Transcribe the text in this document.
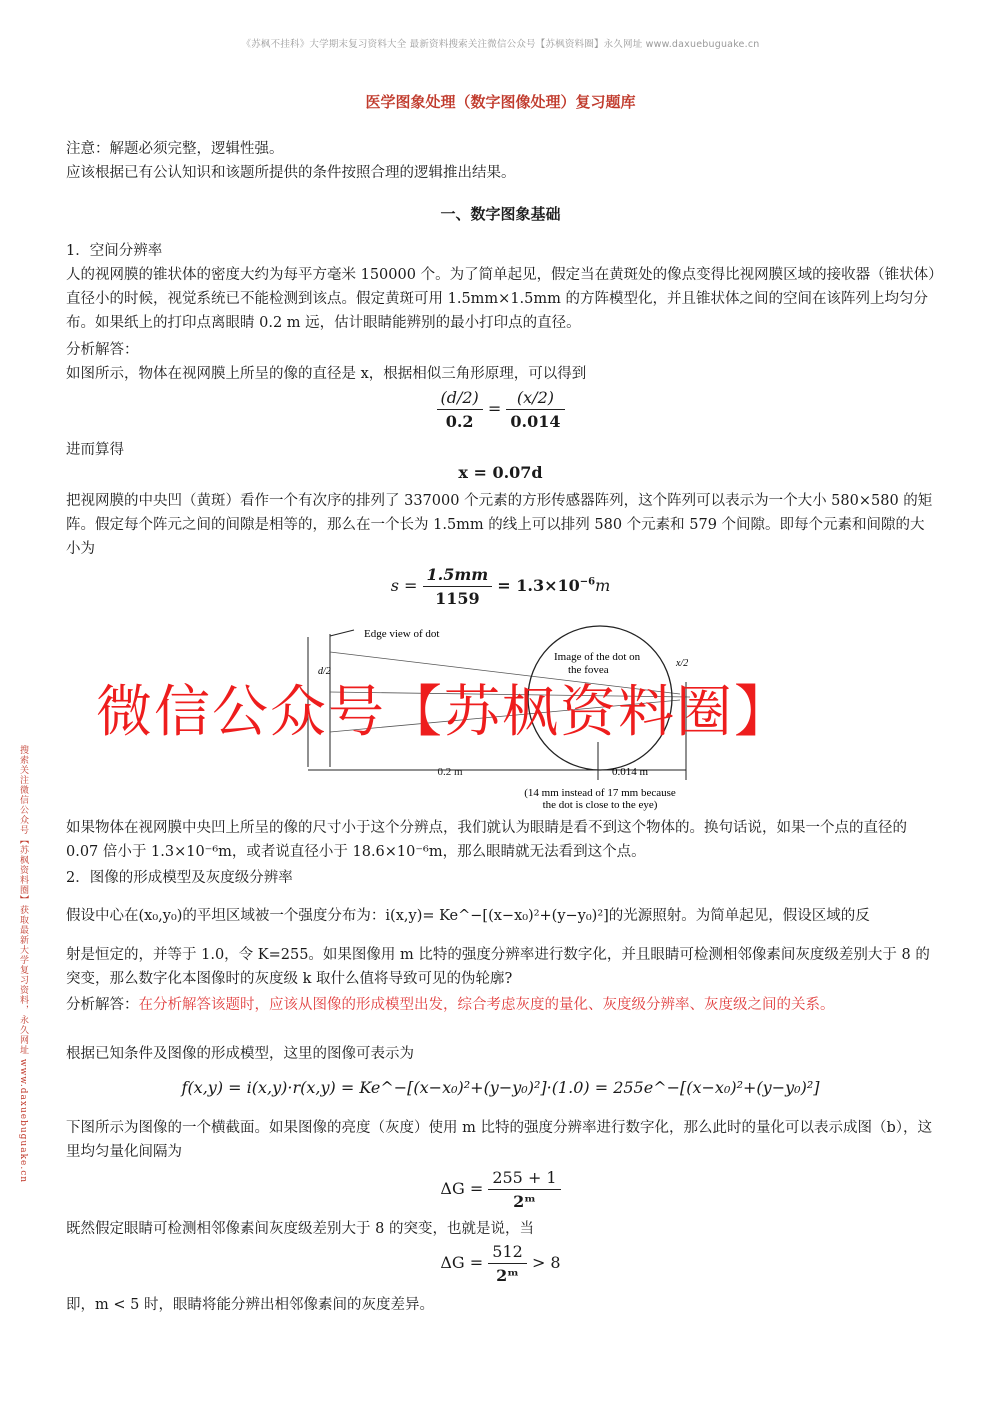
《苏枫不挂科》大学期末复习资料大全 最新资料搜索关注微信公众号【苏枫资料圈】永久网址 www.daxuebuguake.cn
搜索关注微信公众号【苏枫资料圈】获取最新大学复习资料，永久网址 www.daxuebuguake.cn
医学图象处理（数字图像处理）复习题库
注意：解题必须完整，逻辑性强。
应该根据已有公认知识和该题所提供的条件按照合理的逻辑推出结果。
一、数字图象基础
1．空间分辨率
人的视网膜的锥状体的密度大约为每平方毫米 150000 个。为了简单起见，假定当在黄斑处的像点变得比视网膜区域的接收器（锥状体）直径小的时候，视觉系统已不能检测到该点。假定黄斑可用 1.5mm×1.5mm 的方阵模型化，并且锥状体之间的空间在该阵列上均匀分布。如果纸上的打印点离眼睛 0.2 m 远，估计眼睛能辨别的最小打印点的直径。
分析解答：
如图所示，物体在视网膜上所呈的像的直径是 x，根据相似三角形原理，可以得到
$\frac{(d/2)}{0.2} = \frac{(x/2)}{0.014}$
进而算得
x = 0.07d
把视网膜的中央凹（黄斑）看作一个有次序的排列了 337000 个元素的方形传感器阵列，这个阵列可以表示为一个大小 580×580 的矩阵。假定每个阵元之间的间隙是相等的，那么在一个长为 1.5mm 的线上可以排列 580 个元素和 579 个间隙。即每个元素和间隙的大小为
$s = \frac{1.5mm}{1159} = 1.3\times 10^{-6}m$
Edge view of dot
d/2
Image of the dot on
the fovea
x/2
0.2 m	0.014 m
(14 mm instead of 17 mm because
the dot is close to the eye)
微信公众号【苏枫资料圈】
如果物体在视网膜中央凹上所呈的像的尺寸小于这个分辨点，我们就认为眼睛是看不到这个物体的。换句话说，如果一个点的直径的 0.07 倍小于 1.3×10⁻⁶m，或者说直径小于 18.6×10⁻⁶m，那么眼睛就无法看到这个点。
2．图像的形成模型及灰度级分辨率
假设中心在(x₀,y₀)的平坦区域被一个强度分布为：i(x,y)= Ke^−[(x−x₀)²+(y−y₀)²]的光源照射。为简单起见，假设区域的反
射是恒定的，并等于 1.0，令 K=255。如果图像用 m 比特的强度分辨率进行数字化，并且眼睛可检测相邻像素间灰度级差别大于 8 的突变，那么数字化本图像时的灰度级 k 取什么值将导致可见的伪轮廓?
分析解答：在分析解答该题时，应该从图像的形成模型出发，综合考虑灰度的量化、灰度级分辨率、灰度级之间的关系。
根据已知条件及图像的形成模型，这里的图像可表示为
f(x,y) = i(x,y)·r(x,y) = Ke^−[(x−x₀)²+(y−y₀)²]·(1.0) = 255e^−[(x−x₀)²+(y−y₀)²]
下图所示为图像的一个横截面。如果图像的亮度（灰度）使用 m 比特的强度分辨率进行数字化，那么此时的量化可以表示成图（b），这里均匀量化间隔为
$\Delta G = \frac{255 + 1}{\text{2ᵐ}}$
既然假定眼睛可检测相邻像素间灰度级差别大于 8 的突变，也就是说，当
$\Delta G = \frac{512}{\text{2ᵐ}} > 8$
即，m < 5 时，眼睛将能分辨出相邻像素间的灰度差异。
